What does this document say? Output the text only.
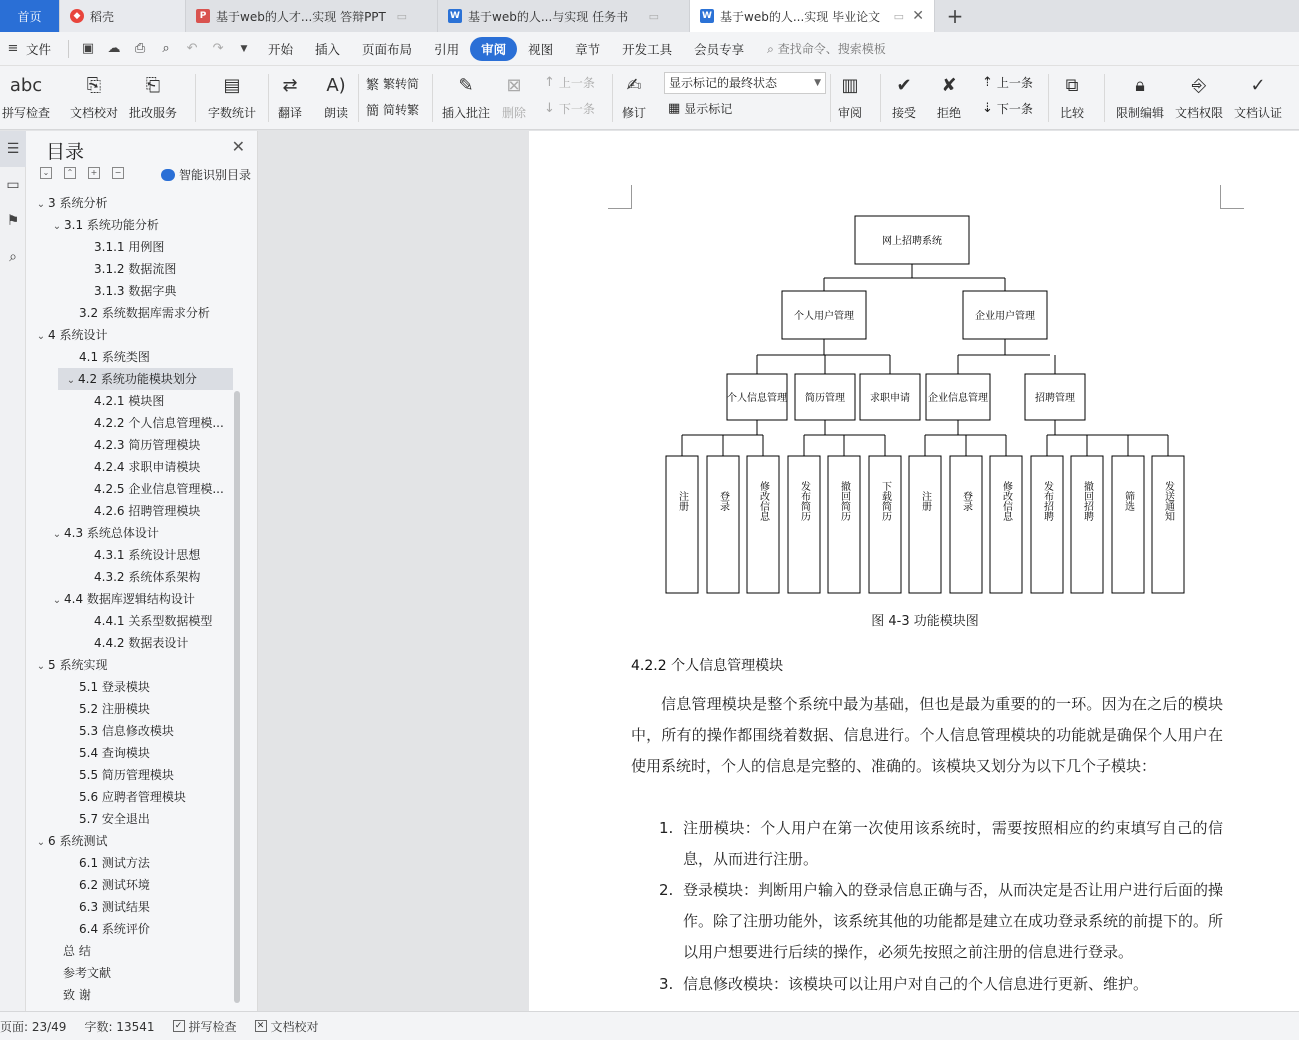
首页	◆ 稻壳	P 基于web的人才...实现 答辩PPT ▭	W 基于web的人...与实现 任务书 ▭	W 基于web的人...实现 毕业论文 ▭ ✕	+
≡ 文件	▣	☁	⎙	⌕	↶	↷	▼	开始	插入	页面布局	引用	审阅	视图	章节	开发工具	会员专享	⌕ 查找命令、搜索模板
abc
拼写检查
⎘
文档校对
⎗
批改服务
▤
字数统计
⇄
翻译
A)
朗读
繁 繁转简
簡 简转繁
✎
插入批注
⊠
删除
↑ 上一条
↓ 下一条
✍
修订
显示标记的最终状态	▼
▦ 显示标记
▥
审阅
✔
接受
✘
拒绝
⇡ 上一条
⇣ 下一条
⧉
比较
🔒︎
限制编辑
⎆
文档权限
✓
文档认证
☰
▭
⚑
⌕
目录	✕
⌄	⌃	+	−	智能识别目录
⌄ 3 系统分析
⌄ 3.1 系统功能分析
3.1.1 用例图
3.1.2 数据流图
3.1.3 数据字典
3.2 系统数据库需求分析
⌄ 4 系统设计
4.1 系统类图
⌄ 4.2 系统功能模块划分
4.2.1 模块图
4.2.2 个人信息管理模...
4.2.3 简历管理模块
4.2.4 求职申请模块
4.2.5 企业信息管理模...
4.2.6 招聘管理模块
⌄ 4.3 系统总体设计
4.3.1 系统设计思想
4.3.2 系统体系架构
⌄ 4.4 数据库逻辑结构设计
4.4.1 关系型数据模型
4.4.2 数据表设计
⌄ 5 系统实现
5.1 登录模块
5.2 注册模块
5.3 信息修改模块
5.4 查询模块
5.5 简历管理模块
5.6 应聘者管理模块
5.7 安全退出
⌄ 6 系统测试
6.1 测试方法
6.2 测试环境
6.3 测试结果
6.4 系统评价
总 结
参考文献
致 谢
网上招聘系统
个人用户管理	企业用户管理
个人信息管理 简历管理	求职申请 企业信息管理	招聘管理
注册	登录	修改信息	发布简历	撤回简历	下载简历	注册	登录	修改信息	发布招聘	撤回招聘	筛选	发送通知
图 4-3 功能模块图
4.2.2 个人信息管理模块
信息管理模块是整个系统中最为基础，但也是最为重要的的一环。因为在之后的模块中，所有的操作都围绕着数据、信息进行。个人信息管理模块的功能就是确保个人用户在使用系统时，个人的信息是完整的、准确的。该模块又划分为以下几个子模块：
1. 注册模块：个人用户在第一次使用该系统时，需要按照相应的约束填写自己的信息，从而进行注册。
2. 登录模块：判断用户输入的登录信息正确与否，从而决定是否让用户进行后面的操作。除了注册功能外，该系统其他的功能都是建立在成功登录系统的前提下的。所以用户想要进行后续的操作，必须先按照之前注册的信息进行登录。
3. 信息修改模块：该模块可以让用户对自己的个人信息进行更新、维护。
页面: 23/49 字数: 13541 ✓ 拼写检查 ✕ 文档校对
